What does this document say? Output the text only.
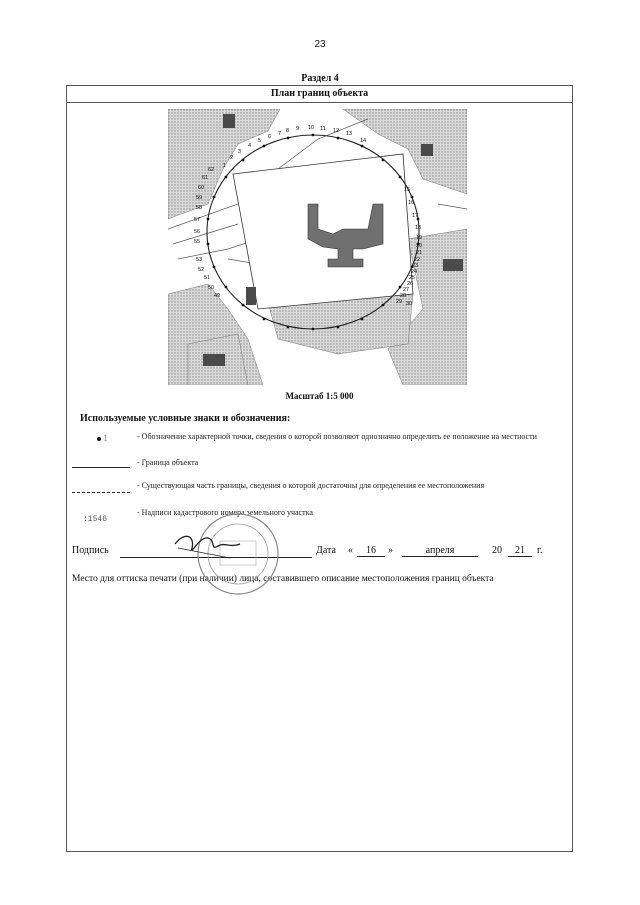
23
Раздел 4
План границ объекта
1
2
3
4
5
6 7 8 9 10 11 12 13
14
15
16
17
18
19
20
21
22
23
24
25
26
27
28
29 30
53
52
51
50
49
55
56
57
58
59
60
61
62
Масштаб 1:5 000
Используемые условные знаки и обозначения:
1	- Обозначение характерной точки, сведения о которой позволяют однозначно определить ее положение на местности
- Граница объекта
- Существующая часть границы, сведения о которой достаточны для определения ее местоположения
:1546
- Надписи кадастрового номера земельного участка
Подпись	Дата «	16	»	апреля	20	21	г.
Место для оттиска печати (при наличии) лица, составившего описание местоположения границ объекта
